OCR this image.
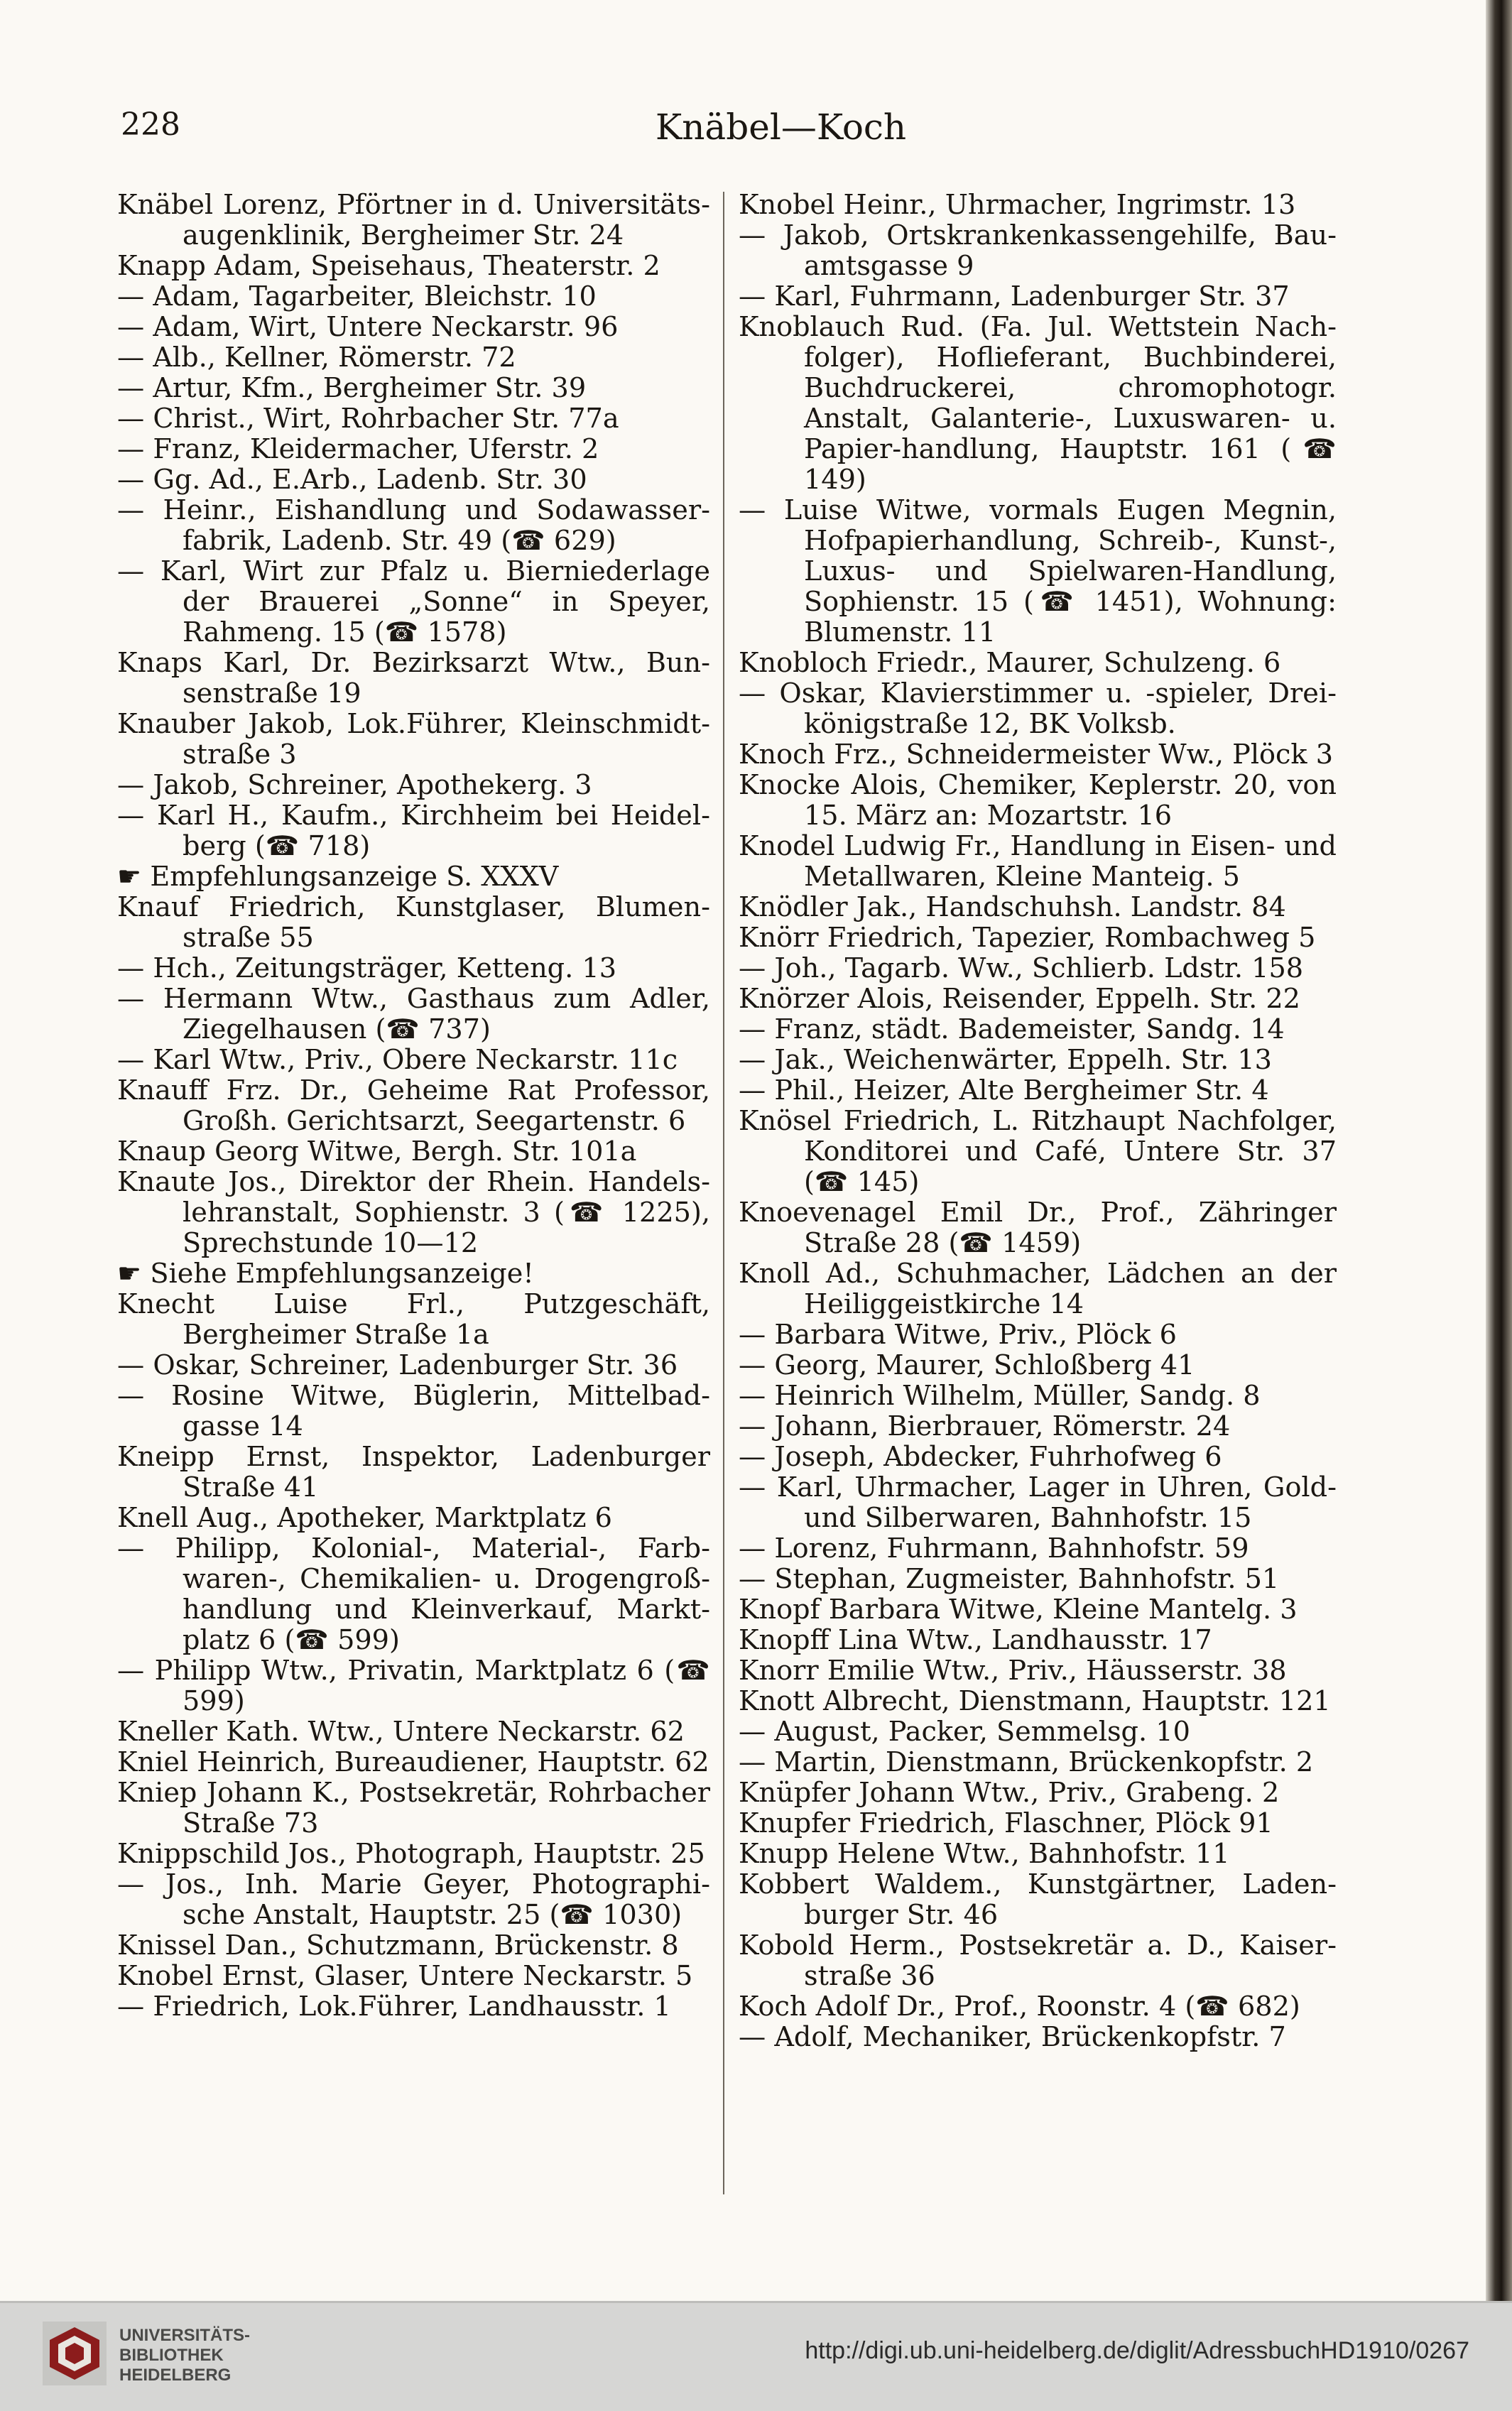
228	Knäbel—Koch
Knäbel Lorenz, Pförtner in d. Universitäts-augenklinik, Bergheimer Str. 24
Knapp Adam, Speisehaus, Theaterstr. 2
— Adam, Tagarbeiter, Bleichstr. 10
— Adam, Wirt, Untere Neckarstr. 96
— Alb., Kellner, Römerstr. 72
— Artur, Kfm., Bergheimer Str. 39
— Christ., Wirt, Rohrbacher Str. 77a
— Franz, Kleidermacher, Uferstr. 2
— Gg. Ad., E.Arb., Ladenb. Str. 30
— Heinr., Eishandlung und Sodawasser-fabrik, Ladenb. Str. 49 (☎ 629)
— Karl, Wirt zur Pfalz u. Bierniederlage der Brauerei „Sonne“ in Speyer, Rahmeng. 15 (☎ 1578)
Knaps Karl, Dr. Bezirksarzt Wtw., Bun-senstraße 19
Knauber Jakob, Lok.Führer, Kleinschmidt-straße 3
— Jakob, Schreiner, Apothekerg. 3
— Karl H., Kaufm., Kirchheim bei Heidel-berg (☎ 718)
☛ Empfehlungsanzeige S. XXXV
Knauf Friedrich, Kunstglaser, Blumen-straße 55
— Hch., Zeitungsträger, Ketteng. 13
— Hermann Wtw., Gasthaus zum Adler, Ziegelhausen (☎ 737)
— Karl Wtw., Priv., Obere Neckarstr. 11c
Knauff Frz. Dr., Geheime Rat Professor, Großh. Gerichtsarzt, Seegartenstr. 6
Knaup Georg Witwe, Bergh. Str. 101a
Knaute Jos., Direktor der Rhein. Handels-lehranstalt, Sophienstr. 3 (☎ 1225), Sprechstunde 10—12
☛ Siehe Empfehlungsanzeige!
Knecht Luise Frl., Putzgeschäft, Bergheimer Straße 1a
— Oskar, Schreiner, Ladenburger Str. 36
— Rosine Witwe, Büglerin, Mittelbad-gasse 14
Kneipp Ernst, Inspektor, Ladenburger Straße 41
Knell Aug., Apotheker, Marktplatz 6
— Philipp, Kolonial-, Material-, Farb-waren-, Chemikalien- u. Drogengroß-handlung und Kleinverkauf, Markt-platz 6 (☎ 599)
— Philipp Wtw., Privatin, Marktplatz 6 (☎ 599)
Kneller Kath. Wtw., Untere Neckarstr. 62
Kniel Heinrich, Bureaudiener, Hauptstr. 62
Kniep Johann K., Postsekretär, Rohrbacher Straße 73
Knippschild Jos., Photograph, Hauptstr. 25
— Jos., Inh. Marie Geyer, Photographi-sche Anstalt, Hauptstr. 25 (☎ 1030)
Knissel Dan., Schutzmann, Brückenstr. 8
Knobel Ernst, Glaser, Untere Neckarstr. 5
— Friedrich, Lok.Führer, Landhausstr. 1
Knobel Heinr., Uhrmacher, Ingrimstr. 13
— Jakob, Ortskrankenkassengehilfe, Bau-amtsgasse 9
— Karl, Fuhrmann, Ladenburger Str. 37
Knoblauch Rud. (Fa. Jul. Wettstein Nach-folger), Hoflieferant, Buchbinderei, Buchdruckerei, chromophotogr. Anstalt, Galanterie-, Luxuswaren- u. Papier-handlung, Hauptstr. 161 (☎ 149)
— Luise Witwe, vormals Eugen Megnin, Hofpapierhandlung, Schreib-, Kunst-, Luxus- und Spielwaren-Handlung, Sophienstr. 15 (☎ 1451), Wohnung: Blumenstr. 11
Knobloch Friedr., Maurer, Schulzeng. 6
— Oskar, Klavierstimmer u. -spieler, Drei-königstraße 12, BK Volksb.
Knoch Frz., Schneidermeister Ww., Plöck 3
Knocke Alois, Chemiker, Keplerstr. 20, von 15. März an: Mozartstr. 16
Knodel Ludwig Fr., Handlung in Eisen- und Metallwaren, Kleine Manteig. 5
Knödler Jak., Handschuhsh. Landstr. 84
Knörr Friedrich, Tapezier, Rombachweg 5
— Joh., Tagarb. Ww., Schlierb. Ldstr. 158
Knörzer Alois, Reisender, Eppelh. Str. 22
— Franz, städt. Bademeister, Sandg. 14
— Jak., Weichenwärter, Eppelh. Str. 13
— Phil., Heizer, Alte Bergheimer Str. 4
Knösel Friedrich, L. Ritzhaupt Nachfolger, Konditorei und Café, Untere Str. 37 (☎ 145)
Knoevenagel Emil Dr., Prof., Zähringer Straße 28 (☎ 1459)
Knoll Ad., Schuhmacher, Lädchen an der Heiliggeistkirche 14
— Barbara Witwe, Priv., Plöck 6
— Georg, Maurer, Schloßberg 41
— Heinrich Wilhelm, Müller, Sandg. 8
— Johann, Bierbrauer, Römerstr. 24
— Joseph, Abdecker, Fuhrhofweg 6
— Karl, Uhrmacher, Lager in Uhren, Gold- und Silberwaren, Bahnhofstr. 15
— Lorenz, Fuhrmann, Bahnhofstr. 59
— Stephan, Zugmeister, Bahnhofstr. 51
Knopf Barbara Witwe, Kleine Mantelg. 3
Knopff Lina Wtw., Landhausstr. 17
Knorr Emilie Wtw., Priv., Häusserstr. 38
Knott Albrecht, Dienstmann, Hauptstr. 121
— August, Packer, Semmelsg. 10
— Martin, Dienstmann, Brückenkopfstr. 2
Knüpfer Johann Wtw., Priv., Grabeng. 2
Knupfer Friedrich, Flaschner, Plöck 91
Knupp Helene Wtw., Bahnhofstr. 11
Kobbert Waldem., Kunstgärtner, Laden-burger Str. 46
Kobold Herm., Postsekretär a. D., Kaiser-straße 36
Koch Adolf Dr., Prof., Roonstr. 4 (☎ 682)
— Adolf, Mechaniker, Brückenkopfstr. 7
UNIVERSITÄTS-
BIBLIOTHEK
HEIDELBERG
http://digi.ub.uni-heidelberg.de/diglit/AdressbuchHD1910/0267
